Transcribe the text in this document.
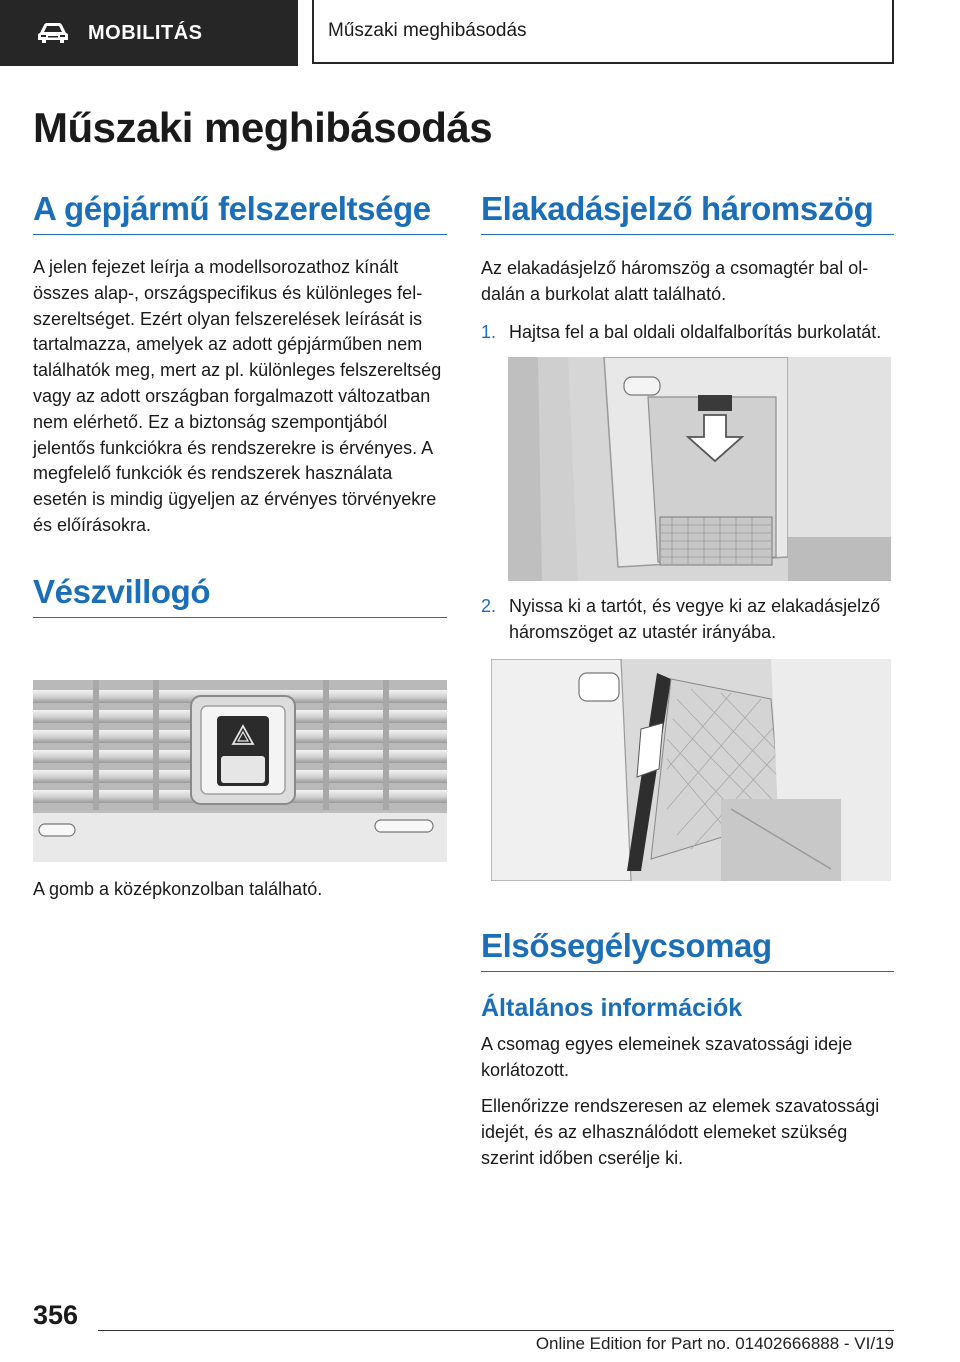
MOBILITÁS	Műszaki meghibásodás
Műszaki meghibásodás
A gépjármű felszereltsége

A jelen fejezet leírja a modellsorozathoz kínált összes alap-, országspecifikus és különleges felszereltséget. Ezért olyan felszerelések leírását is tartalmazza, amelyek az adott gépjárműben nem találhatók meg, mert az pl. különleges felszereltség vagy az adott országban forgalmazott változatban nem elérhető. Ez a biztonság szempontjából jelentős funkciókra és rendszerekre is érvényes. A megfelelő funkciók és rendszerek használata esetén is mindig ügyeljen az érvényes törvényekre és előírásokra.

Vészvillogó

A gomb a középkonzolban található.

Elakadásjelző háromszög

Az elakadásjelző háromszög a csomagtér bal oldalán a burkolat alatt található.

1. Hajtsa fel a bal oldali oldalfalborítás burkolatát.
2. Nyissa ki a tartót, és vegye ki az elakadásjelző háromszöget az utastér irányába.
Elsősegélycsomag
Általános információk

A csomag egyes elemeinek szavatossági ideje korlátozott.

Ellenőrizze rendszeresen az elemek szavatossági idejét, és az elhasználódott elemeket szükség szerint időben cserélje ki.

356
Online Edition for Part no. 01402666888 - VI/19
